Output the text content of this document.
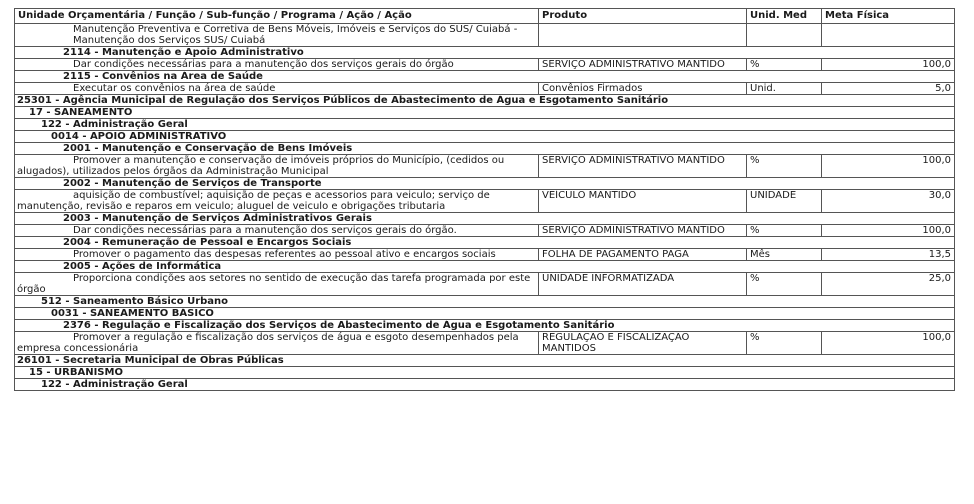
Unidade Orçamentária / Função / Sub-função / Programa / Ação / Ação	Produto	Unid. Med	Meta Física
Manutenção Preventiva e Corretiva de Bens Móveis, Imóveis e Serviços do SUS/ Cuiabá - Manutenção dos Serviços SUS/ Cuiabá			
2114 - Manutenção e Apoio Administrativo			
Dar condições necessárias para a manutenção dos serviços gerais do órgão	SERVIÇO ADMINISTRATIVO MANTIDO	%	100,0
2115 - Convênios na Área de Saúde			
Executar os convênios na área de saúde	Convênios Firmados	Unid.	5,0
25301 - Agência Municipal de Regulação dos Serviços Públicos de Abastecimento de Água e Esgotamento Sanitário			
17 - SANEAMENTO			
122 - Administração Geral			
0014 - APOIO ADMINISTRATIVO			
2001 - Manutenção e Conservação de Bens Imóveis			
Promover a manutenção e conservação de imóveis próprios do Município, (cedidos ou alugados), utilizados pelos órgãos da Administração Municipal	SERVIÇO ADMINISTRATIVO MANTIDO	%	100,0
2002 - Manutenção de Serviços de Transporte			
aquisição de combustível; aquisição de peças e acessorios para veiculo; serviço de manutenção, revisão e reparos em veiculo; aluguel de veiculo e obrigações tributaria	VEÍCULO MANTIDO	UNIDADE	30,0
2003 - Manutenção de Serviços Administrativos Gerais			
Dar condições necessárias para a manutenção dos serviços gerais do órgão.	SERVIÇO ADMINISTRATIVO MANTIDO	%	100,0
2004 - Remuneração de Pessoal e Encargos Sociais			
Promover o pagamento das despesas referentes ao pessoal ativo e encargos sociais	FOLHA DE PAGAMENTO PAGA	Mês	13,5
2005 - Ações de Informática			
Proporciona condições aos setores no sentido de execução das tarefa programada por este órgão	UNIDADE INFORMATIZADA	%	25,0
512 - Saneamento Básico Urbano			
0031 - SANEAMENTO BÁSICO			
2376 - Regulação e Fiscalização dos Serviços de Abastecimento de Água e Esgotamento Sanitário			
Promover a regulação e fiscalização dos serviços de água e esgoto desempenhados pela empresa concessionária	REGULAÇÃO E FISCALIZAÇÃO MANTIDOS	%	100,0
26101 - Secretaria Municipal de Obras Públicas			
15 - URBANISMO			
122 - Administração Geral			
